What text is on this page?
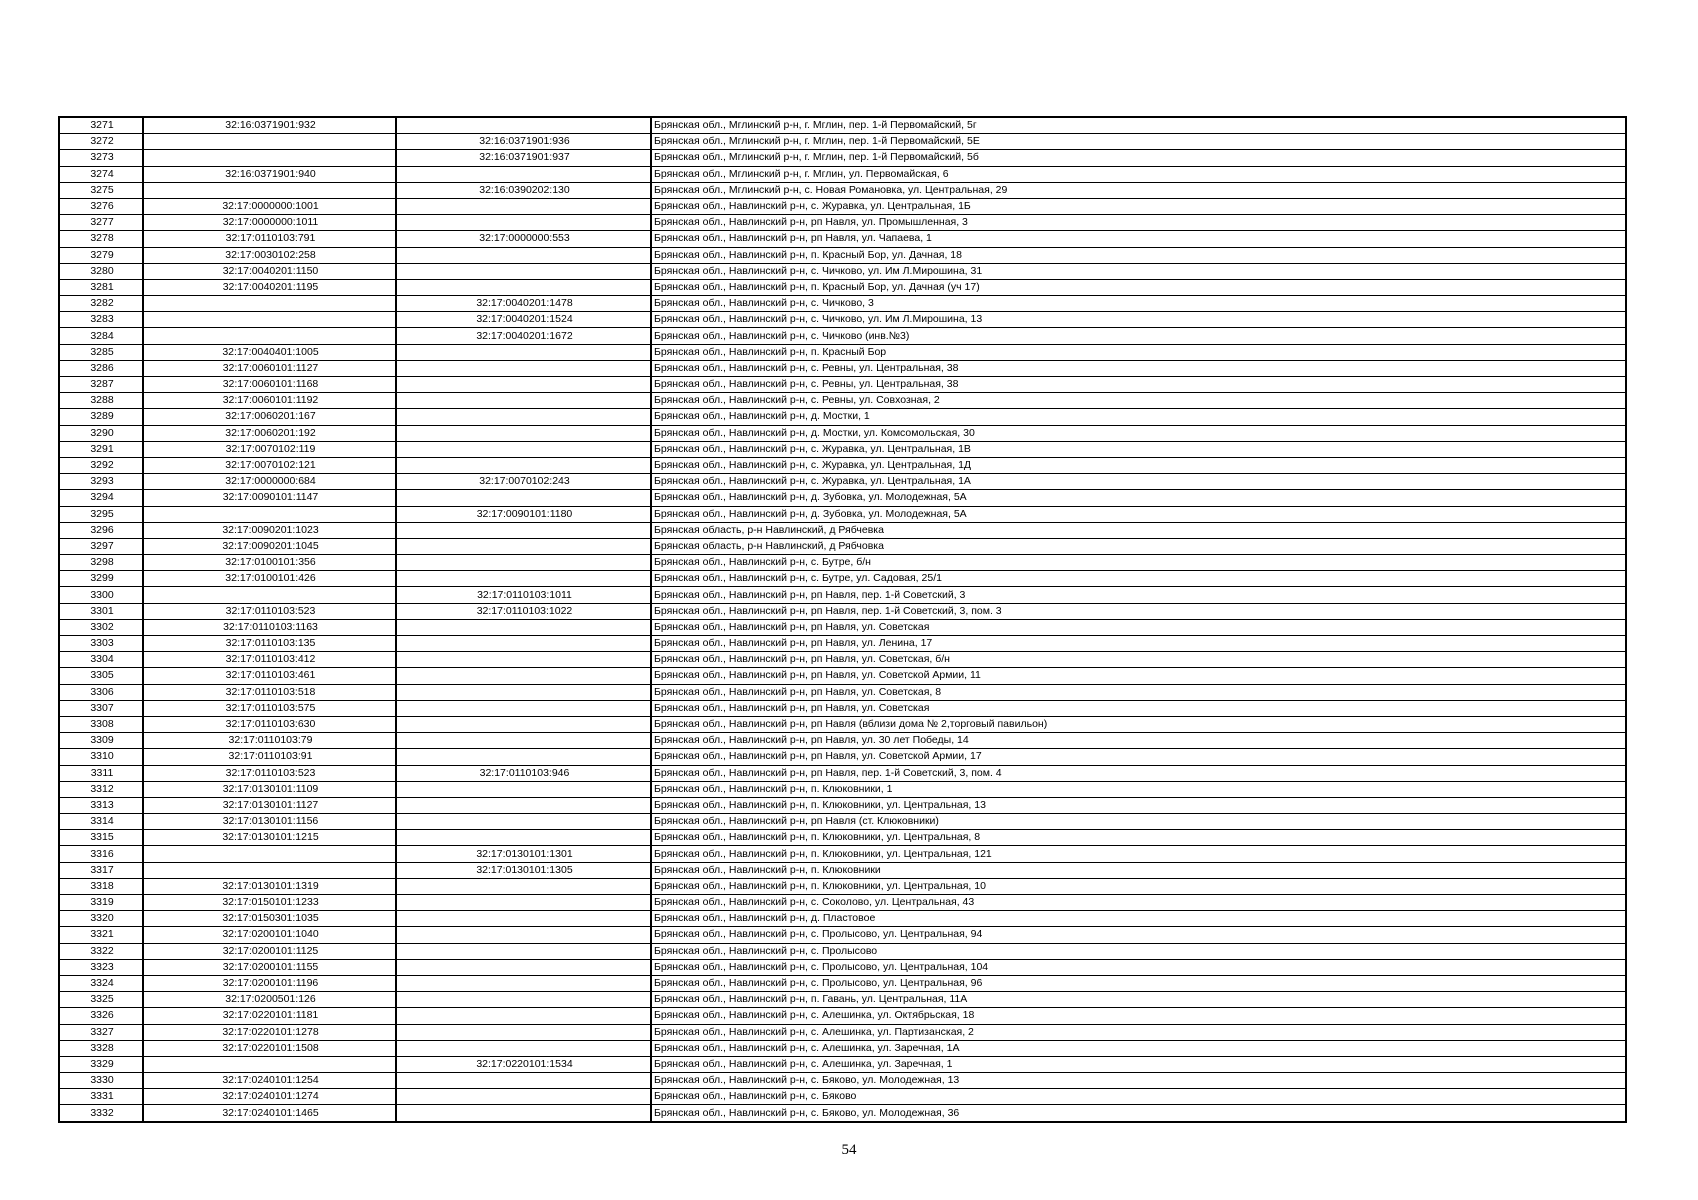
3271	32:16:0371901:932		Брянская обл., Мглинский р-н, г. Мглин, пер. 1-й Первомайский, 5г
3272		32:16:0371901:936	Брянская обл., Мглинский р-н, г. Мглин, пер. 1-й Первомайский, 5Е
3273		32:16:0371901:937	Брянская обл., Мглинский р-н, г. Мглин, пер. 1-й Первомайский, 5б
3274	32:16:0371901:940		Брянская обл., Мглинский р-н, г. Мглин, ул. Первомайская, 6
3275		32:16:0390202:130	Брянская обл., Мглинский р-н, с. Новая Романовка, ул. Центральная, 29
3276	32:17:0000000:1001		Брянская обл., Навлинский р-н, с. Журавка, ул. Центральная, 1Б
3277	32:17:0000000:1011		Брянская обл., Навлинский р-н, рп Навля, ул. Промышленная, 3
3278	32:17:0110103:791	32:17:0000000:553	Брянская обл., Навлинский р-н, рп Навля, ул. Чапаева, 1
3279	32:17:0030102:258		Брянская обл., Навлинский р-н, п. Красный Бор, ул. Дачная, 18
3280	32:17:0040201:1150		Брянская обл., Навлинский р-н, с. Чичково, ул. Им Л.Мирошина, 31
3281	32:17:0040201:1195		Брянская обл., Навлинский р-н, п. Красный Бор, ул. Дачная (уч 17)
3282		32:17:0040201:1478	Брянская обл., Навлинский р-н, с. Чичково, 3
3283		32:17:0040201:1524	Брянская обл., Навлинский р-н, с. Чичково, ул. Им Л.Мирошина, 13
3284		32:17:0040201:1672	Брянская обл., Навлинский р-н, с. Чичково (инв.№3)
3285	32:17:0040401:1005		Брянская обл., Навлинский р-н, п. Красный Бор
3286	32:17:0060101:1127		Брянская обл., Навлинский р-н, с. Ревны, ул. Центральная, 38
3287	32:17:0060101:1168		Брянская обл., Навлинский р-н, с. Ревны, ул. Центральная, 38
3288	32:17:0060101:1192		Брянская обл., Навлинский р-н, с. Ревны, ул. Совхозная, 2
3289	32:17:0060201:167		Брянская обл., Навлинский р-н, д. Мостки, 1
3290	32:17:0060201:192		Брянская обл., Навлинский р-н, д. Мостки, ул. Комсомольская, 30
3291	32:17:0070102:119		Брянская обл., Навлинский р-н, с. Журавка, ул. Центральная, 1В
3292	32:17:0070102:121		Брянская обл., Навлинский р-н, с. Журавка, ул. Центральная, 1Д
3293	32:17:0000000:684	32:17:0070102:243	Брянская обл., Навлинский р-н, с. Журавка, ул. Центральная, 1А
3294	32:17:0090101:1147		Брянская обл., Навлинский р-н, д. Зубовка, ул. Молодежная, 5А
3295		32:17:0090101:1180	Брянская обл., Навлинский р-н, д. Зубовка, ул. Молодежная, 5А
3296	32:17:0090201:1023		Брянская область, р-н Навлинский, д Рябчевка
3297	32:17:0090201:1045		Брянская область, р-н Навлинский, д Рябчовка
3298	32:17:0100101:356		Брянская обл., Навлинский р-н, с. Бутре, б/н
3299	32:17:0100101:426		Брянская обл., Навлинский р-н, с. Бутре, ул. Садовая, 25/1
3300		32:17:0110103:1011	Брянская обл., Навлинский р-н, рп Навля, пер. 1-й Советский, 3
3301	32:17:0110103:523	32:17:0110103:1022	Брянская обл., Навлинский р-н, рп Навля, пер. 1-й Советский, 3, пом. 3
3302	32:17:0110103:1163		Брянская обл., Навлинский р-н, рп Навля, ул. Советская
3303	32:17:0110103:135		Брянская обл., Навлинский р-н, рп Навля, ул. Ленина, 17
3304	32:17:0110103:412		Брянская обл., Навлинский р-н, рп Навля, ул. Советская, б/н
3305	32:17:0110103:461		Брянская обл., Навлинский р-н, рп Навля, ул. Советской Армии, 11
3306	32:17:0110103:518		Брянская обл., Навлинский р-н, рп Навля, ул. Советская, 8
3307	32:17:0110103:575		Брянская обл., Навлинский р-н, рп Навля, ул. Советская
3308	32:17:0110103:630		Брянская обл., Навлинский р-н, рп Навля (вблизи дома № 2,торговый павильон)
3309	32:17:0110103:79		Брянская обл., Навлинский р-н, рп Навля, ул. 30 лет Победы, 14
3310	32:17:0110103:91		Брянская обл., Навлинский р-н, рп Навля, ул. Советской Армии, 17
3311	32:17:0110103:523	32:17:0110103:946	Брянская обл., Навлинский р-н, рп Навля, пер. 1-й Советский, 3, пом. 4
3312	32:17:0130101:1109		Брянская обл., Навлинский р-н, п. Клюковники, 1
3313	32:17:0130101:1127		Брянская обл., Навлинский р-н, п. Клюковники, ул. Центральная, 13
3314	32:17:0130101:1156		Брянская обл., Навлинский р-н, рп Навля (ст. Клюковники)
3315	32:17:0130101:1215		Брянская обл., Навлинский р-н, п. Клюковники, ул. Центральная, 8
3316		32:17:0130101:1301	Брянская обл., Навлинский р-н, п. Клюковники, ул. Центральная, 121
3317		32:17:0130101:1305	Брянская обл., Навлинский р-н, п. Клюковники
3318	32:17:0130101:1319		Брянская обл., Навлинский р-н, п. Клюковники, ул. Центральная, 10
3319	32:17:0150101:1233		Брянская обл., Навлинский р-н, с. Соколово, ул. Центральная, 43
3320	32:17:0150301:1035		Брянская обл., Навлинский р-н, д. Пластовое
3321	32:17:0200101:1040		Брянская обл., Навлинский р-н, с. Пролысово, ул. Центральная, 94
3322	32:17:0200101:1125		Брянская обл., Навлинский р-н, с. Пролысово
3323	32:17:0200101:1155		Брянская обл., Навлинский р-н, с. Пролысово, ул. Центральная, 104
3324	32:17:0200101:1196		Брянская обл., Навлинский р-н, с. Пролысово, ул. Центральная, 96
3325	32:17:0200501:126		Брянская обл., Навлинский р-н, п. Гавань, ул. Центральная, 11А
3326	32:17:0220101:1181		Брянская обл., Навлинский р-н, с. Алешинка, ул. Октябрьская, 18
3327	32:17:0220101:1278		Брянская обл., Навлинский р-н, с. Алешинка, ул. Партизанская, 2
3328	32:17:0220101:1508		Брянская обл., Навлинский р-н, с. Алешинка, ул. Заречная, 1А
3329		32:17:0220101:1534	Брянская обл., Навлинский р-н, с. Алешинка, ул. Заречная, 1
3330	32:17:0240101:1254		Брянская обл., Навлинский р-н, с. Бяково, ул. Молодежная, 13
3331	32:17:0240101:1274		Брянская обл., Навлинский р-н, с. Бяково
3332	32:17:0240101:1465		Брянская обл., Навлинский р-н, с. Бяково, ул. Молодежная, 36
54
